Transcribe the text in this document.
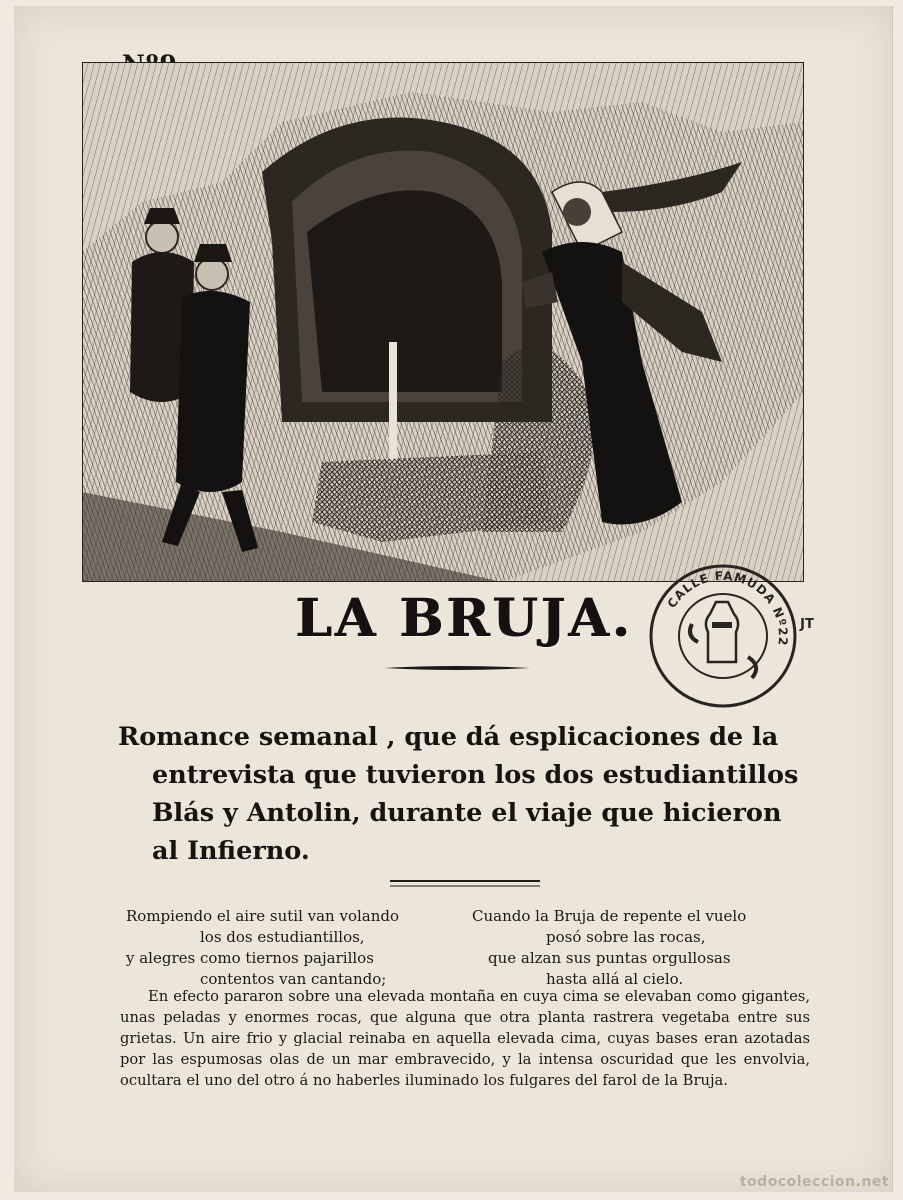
LA BRUJA.	CALLE FAMUDA Nº22
JT
Romance semanal , que dá esplicaciones de la
entrevista que tuvieron los dos estudiantillos
Blás y Antolin, durante el viaje que hicieron
al Infierno.
Rompiendo el aire sutil van volando
los dos estudiantillos,
y alegres como tiernos pajarillos
contentos van cantando;
Cuando la Bruja de repente el vuelo
posó sobre las rocas,
que alzan sus puntas orgullosas
hasta allá al cielo.

En efecto pararon sobre una elevada montaña en cuya cima se elevaban como gigantes, unas peladas y enormes rocas, que alguna que otra planta rastrera vegetaba entre sus grietas. Un aire frio y glacial reinaba en aquella elevada cima, cuyas bases eran azotadas por las espumosas olas de un mar embravecido, y la intensa oscuridad que les envolvia, ocultara el uno del otro á no haberles iluminado los fulgares del farol de la Bruja.

todocoleccion.net
